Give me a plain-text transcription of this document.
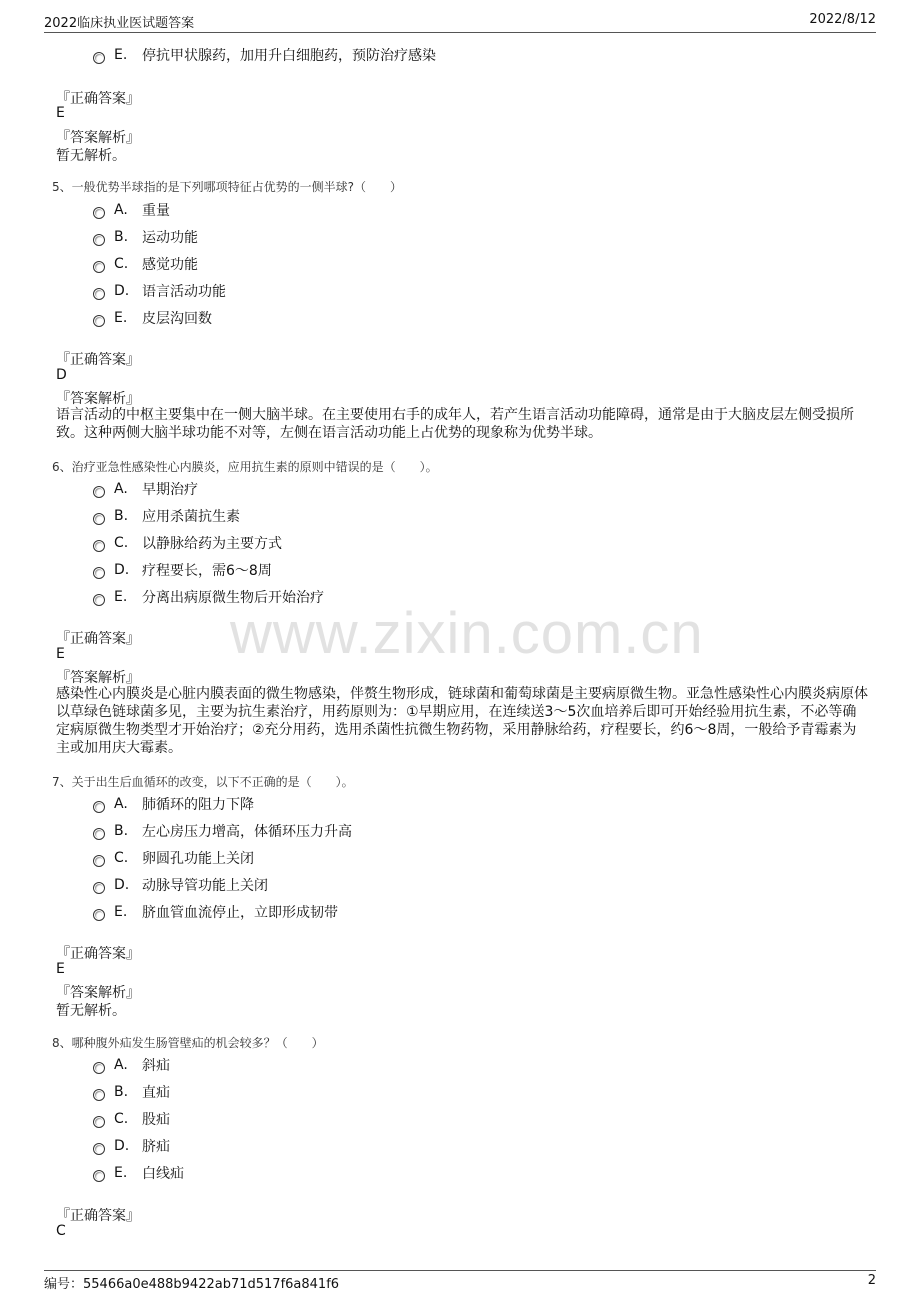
2022临床执业医试题答案	2022/8/12
www.zixin.com.cn
E.	停抗甲状腺药，加用升白细胞药，预防治疗感染
『正确答案』
E
『答案解析』
暂无解析。
5、一般优势半球指的是下列哪项特征占优势的一侧半球?（　　）
A.	重量
B. 运动功能
C. 感觉功能
D. 语言活动功能
E.	皮层沟回数
『正确答案』
D
『答案解析』
语言活动的中枢主要集中在一侧大脑半球。在主要使用右手的成年人，若产生语言活动功能障碍，通常是由于大脑皮层左侧受损所致。这种两侧大脑半球功能不对等，左侧在语言活动功能上占优势的现象称为优势半球。
6、治疗亚急性感染性心内膜炎，应用抗生素的原则中错误的是（　　）。
A.	早期治疗
B. 应用杀菌抗生素
C. 以静脉给药为主要方式
D. 疗程要长，需6～8周
E.	分离出病原微生物后开始治疗
『正确答案』
E
『答案解析』
感染性心内膜炎是心脏内膜表面的微生物感染，伴赘生物形成，链球菌和葡萄球菌是主要病原微生物。亚急性感染性心内膜炎病原体以草绿色链球菌多见，主要为抗生素治疗，用药原则为：①早期应用，在连续送3～5次血培养后即可开始经验用抗生素，不必等确定病原微生物类型才开始治疗；②充分用药，选用杀菌性抗微生物药物，采用静脉给药，疗程要长，约6～8周，一般给予青霉素为主或加用庆大霉素。
7、关于出生后血循环的改变，以下不正确的是（　　）。
A.	肺循环的阻力下降
B. 左心房压力增高，体循环压力升高
C. 卵圆孔功能上关闭
D. 动脉导管功能上关闭
E.	脐血管血流停止，立即形成韧带
『正确答案』
E
『答案解析』
暂无解析。
8、哪种腹外疝发生肠管壁疝的机会较多？（　　）
A.	斜疝
B. 直疝
C. 股疝
D. 脐疝
E.	白线疝
『正确答案』
C
编号：55466a0e488b9422ab71d517f6a841f6	2
